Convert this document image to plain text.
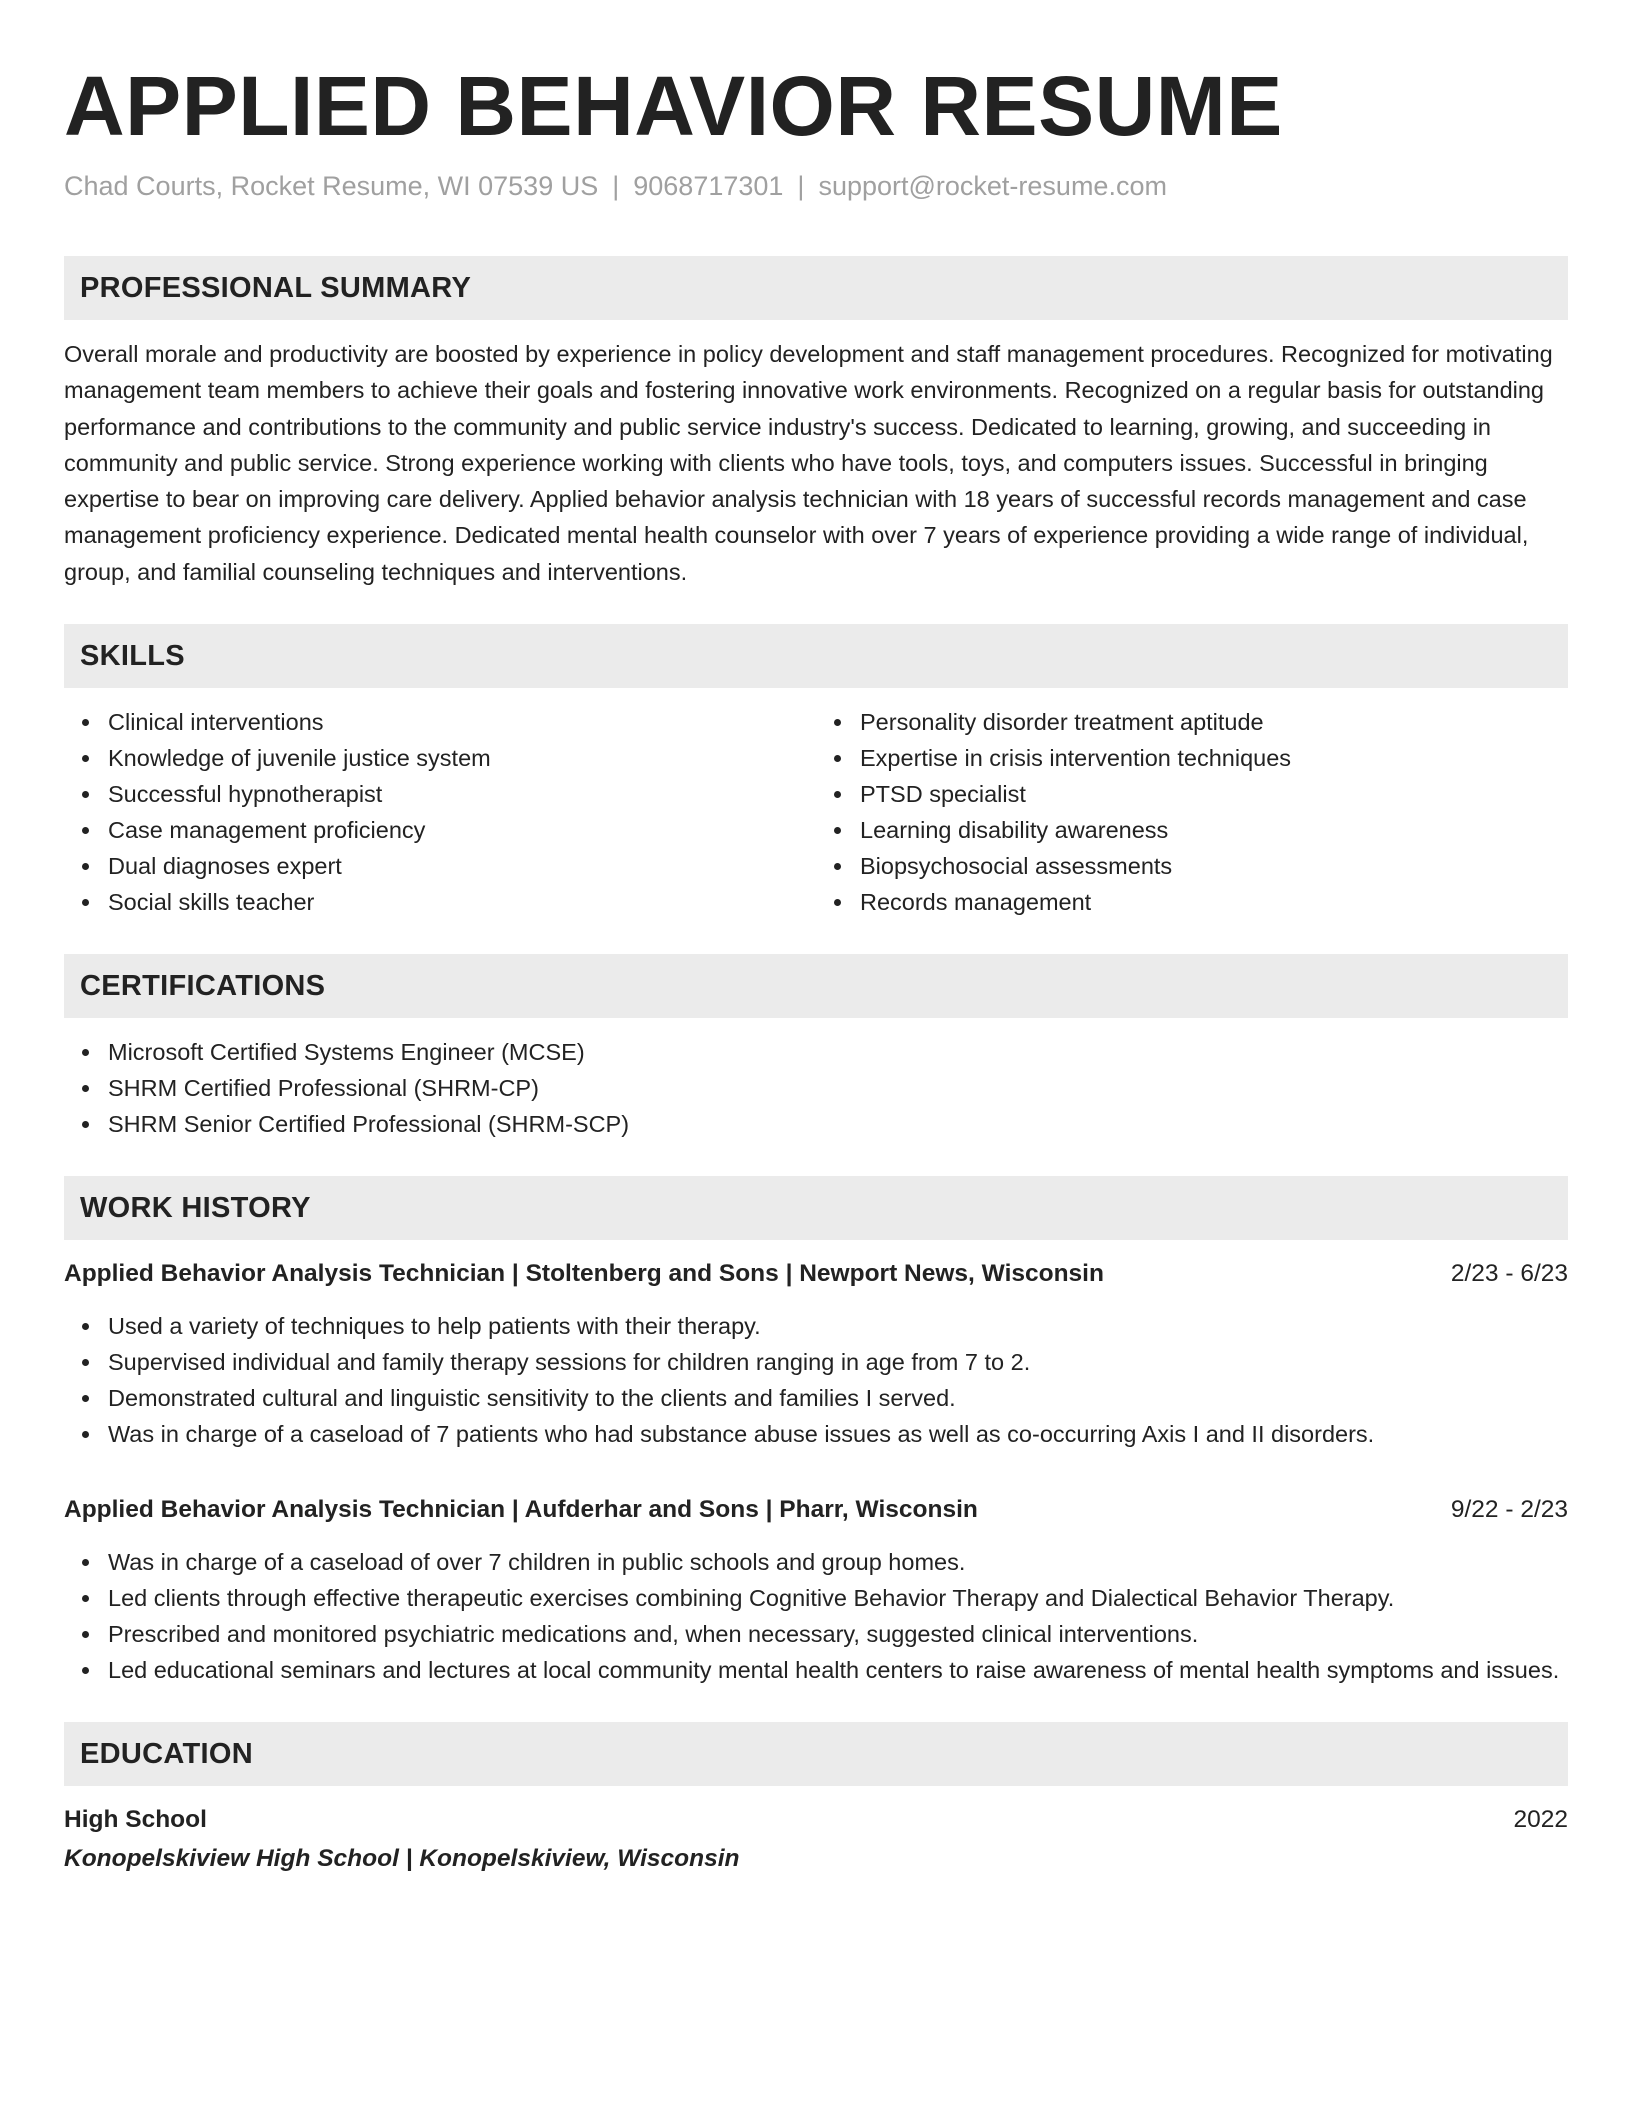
APPLIED BEHAVIOR RESUME
Chad Courts, Rocket Resume, WI 07539 US | 9068717301 | support@rocket-resume.com
PROFESSIONAL SUMMARY

Overall morale and productivity are boosted by experience in policy development and staff management procedures. Recognized for motivating management team members to achieve their goals and fostering innovative work environments. Recognized on a regular basis for outstanding performance and contributions to the community and public service industry's success. Dedicated to learning, growing, and succeeding in community and public service. Strong experience working with clients who have tools, toys, and computers issues. Successful in bringing expertise to bear on improving care delivery. Applied behavior analysis technician with 18 years of successful records management and case management proficiency experience. Dedicated mental health counselor with over 7 years of experience providing a wide range of individual, group, and familial counseling techniques and interventions.

SKILLS
Clinical interventions
Knowledge of juvenile justice system
Successful hypnotherapist
Case management proficiency
Dual diagnoses expert
Social skills teacher
Personality disorder treatment aptitude
Expertise in crisis intervention techniques
PTSD specialist
Learning disability awareness
Biopsychosocial assessments
Records management
CERTIFICATIONS
Microsoft Certified Systems Engineer (MCSE)
SHRM Certified Professional (SHRM-CP)
SHRM Senior Certified Professional (SHRM-SCP)
WORK HISTORY
Applied Behavior Analysis Technician | Stoltenberg and Sons | Newport News, Wisconsin	2/23 - 6/23
Used a variety of techniques to help patients with their therapy.
Supervised individual and family therapy sessions for children ranging in age from 7 to 2.
Demonstrated cultural and linguistic sensitivity to the clients and families I served.
Was in charge of a caseload of 7 patients who had substance abuse issues as well as co-occurring Axis I and II disorders.
Applied Behavior Analysis Technician | Aufderhar and Sons | Pharr, Wisconsin	9/22 - 2/23
Was in charge of a caseload of over 7 children in public schools and group homes.
Led clients through effective therapeutic exercises combining Cognitive Behavior Therapy and Dialectical Behavior Therapy.
Prescribed and monitored psychiatric medications and, when necessary, suggested clinical interventions.
Led educational seminars and lectures at local community mental health centers to raise awareness of mental health symptoms and issues.
EDUCATION
High School	2022
Konopelskiview High School | Konopelskiview, Wisconsin
